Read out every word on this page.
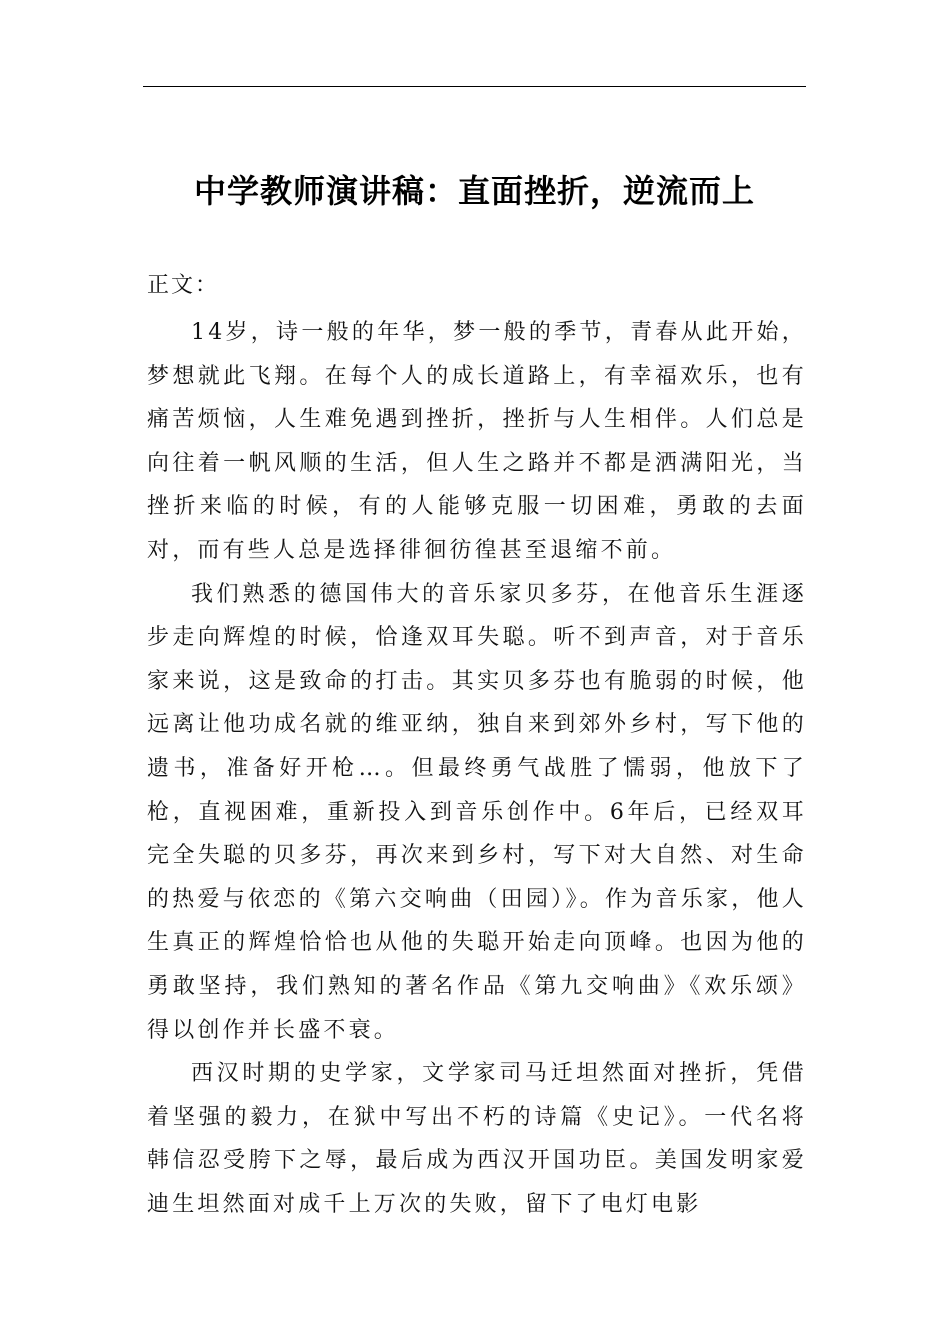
中学教师演讲稿：直面挫折，逆流而上
正文：

14岁，诗一般的年华，梦一般的季节，青春从此开始，梦想就此飞翔。在每个人的成长道路上，有幸福欢乐，也有痛苦烦恼，人生难免遇到挫折，挫折与人生相伴。人们总是向往着一帆风顺的生活，但人生之路并不都是洒满阳光，当挫折来临的时候，有的人能够克服一切困难，勇敢的去面对，而有些人总是选择徘徊彷徨甚至退缩不前。

我们熟悉的德国伟大的音乐家贝多芬，在他音乐生涯逐步走向辉煌的时候，恰逢双耳失聪。听不到声音，对于音乐家来说，这是致命的打击。其实贝多芬也有脆弱的时候，他远离让他功成名就的维亚纳，独自来到郊外乡村，写下他的遗书，准备好开枪…。但最终勇气战胜了懦弱，他放下了枪，直视困难，重新投入到音乐创作中。6年后，已经双耳完全失聪的贝多芬，再次来到乡村，写下对大自然、对生命的热爱与依恋的《第六交响曲（田园）》。作为音乐家，他人生真正的辉煌恰恰也从他的失聪开始走向顶峰。也因为他的勇敢坚持，我们熟知的著名作品《第九交响曲》《欢乐颂》得以创作并长盛不衰。

西汉时期的史学家，文学家司马迁坦然面对挫折，凭借着坚强的毅力，在狱中写出不朽的诗篇《史记》。一代名将韩信忍受胯下之辱，最后成为西汉开国功臣。美国发明家爱迪生坦然面对成千上万次的失败，留下了电灯电影
